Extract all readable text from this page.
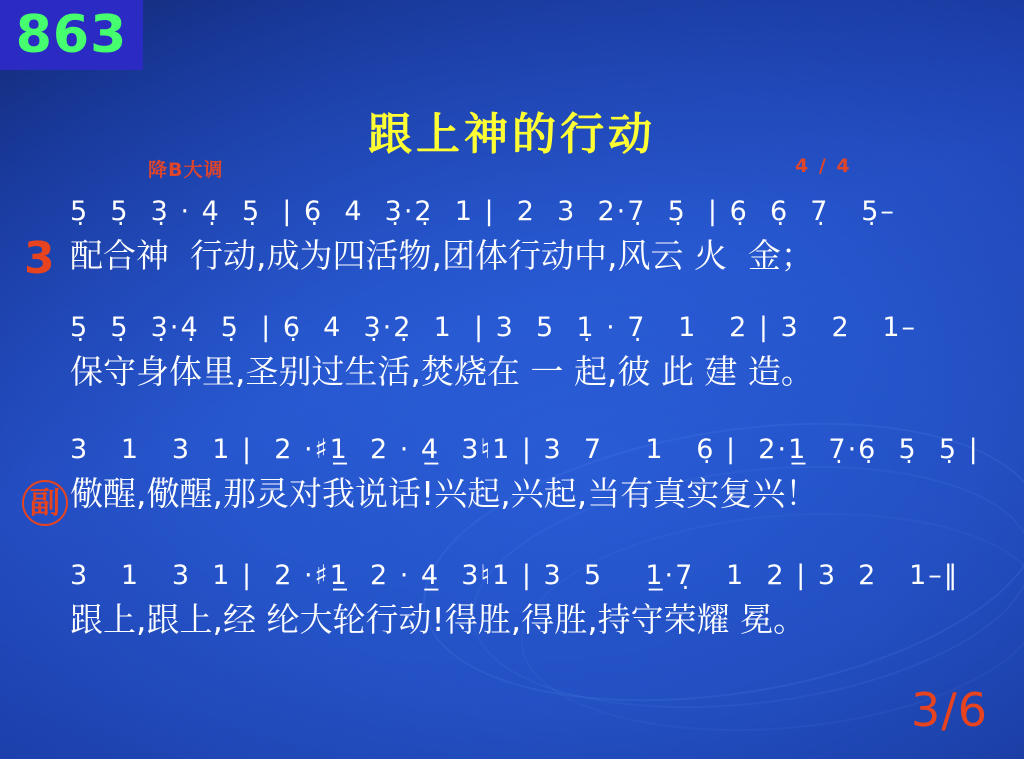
863
跟上神的行动
降B大调	4 / 4
3
副
5̣  5̣  3̣ · 4̣  5̣  | 6̣  4  3̣·2̣  1 |  2  3  2·7̣  5̣  | 6̣  6̣  7̣   5̣–
配合神  行动,成为四活物,团体行动中,风云 火  金；
5̣  5̣  3̣·4̣  5̣  | 6̣  4  3̣·2̣  1  | 3  5  1̣ · 7̣   1   2 | 3   2   1–
保守身体里,圣别过生活,焚烧在 一 起,彼 此 建 造。
3   1   3  1 |  2 ·♯1̲  2 · 4̲  3♮1 | 3  7    1   6̣ |  2·1̲  7̣·6̣  5̣  5̣ |
儆醒,儆醒,那灵对我说话!兴起,兴起,当有真实复兴！
3   1   3  1 |  2 ·♯1̲  2 · 4̲  3♮1 | 3  5    1̲·7̣   1  2 | 3  2   1–‖
跟上,跟上,经 纶大轮行动!得胜,得胜,持守荣耀 冕。
3/6
